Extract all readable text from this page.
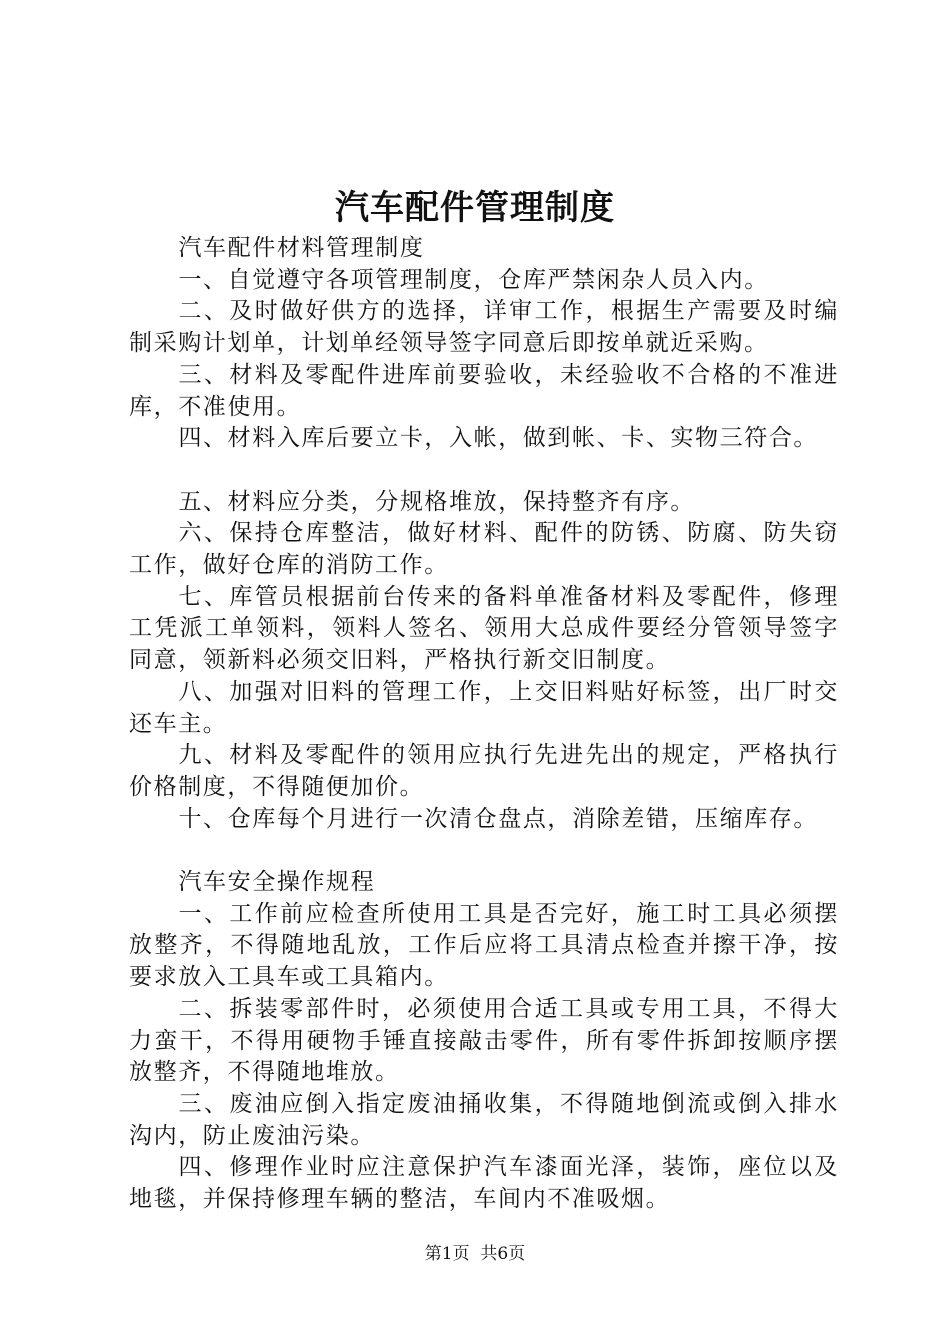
汽车配件管理制度

汽车配件材料管理制度

一、自觉遵守各项管理制度，仓库严禁闲杂人员入内。

二、及时做好供方的选择，详审工作，根据生产需要及时编制采购计划单，计划单经领导签字同意后即按单就近采购。

三、材料及零配件进库前要验收，未经验收不合格的不准进库，不准使用。

四、材料入库后要立卡，入帐，做到帐、卡、实物三符合。

五、材料应分类，分规格堆放，保持整齐有序。

六、保持仓库整洁，做好材料、配件的防锈、防腐、防失窃工作，做好仓库的消防工作。

七、库管员根据前台传来的备料单准备材料及零配件，修理工凭派工单领料，领料人签名、领用大总成件要经分管领导签字同意，领新料必须交旧料，严格执行新交旧制度。

八、加强对旧料的管理工作，上交旧料贴好标签，出厂时交还车主。

九、材料及零配件的领用应执行先进先出的规定，严格执行价格制度，不得随便加价。

十、仓库每个月进行一次清仓盘点，消除差错，压缩库存。

汽车安全操作规程

一、工作前应检查所使用工具是否完好，施工时工具必须摆放整齐，不得随地乱放，工作后应将工具清点检查并擦干净，按要求放入工具车或工具箱内。

二、拆装零部件时，必须使用合适工具或专用工具，不得大力蛮干，不得用硬物手锤直接敲击零件，所有零件拆卸按顺序摆放整齐，不得随地堆放。

三、废油应倒入指定废油捅收集，不得随地倒流或倒入排水沟内，防止废油污染。

四、修理作业时应注意保护汽车漆面光泽，装饰，座位以及地毯，并保持修理车辆的整洁，车间内不准吸烟。

第1页 共6页
